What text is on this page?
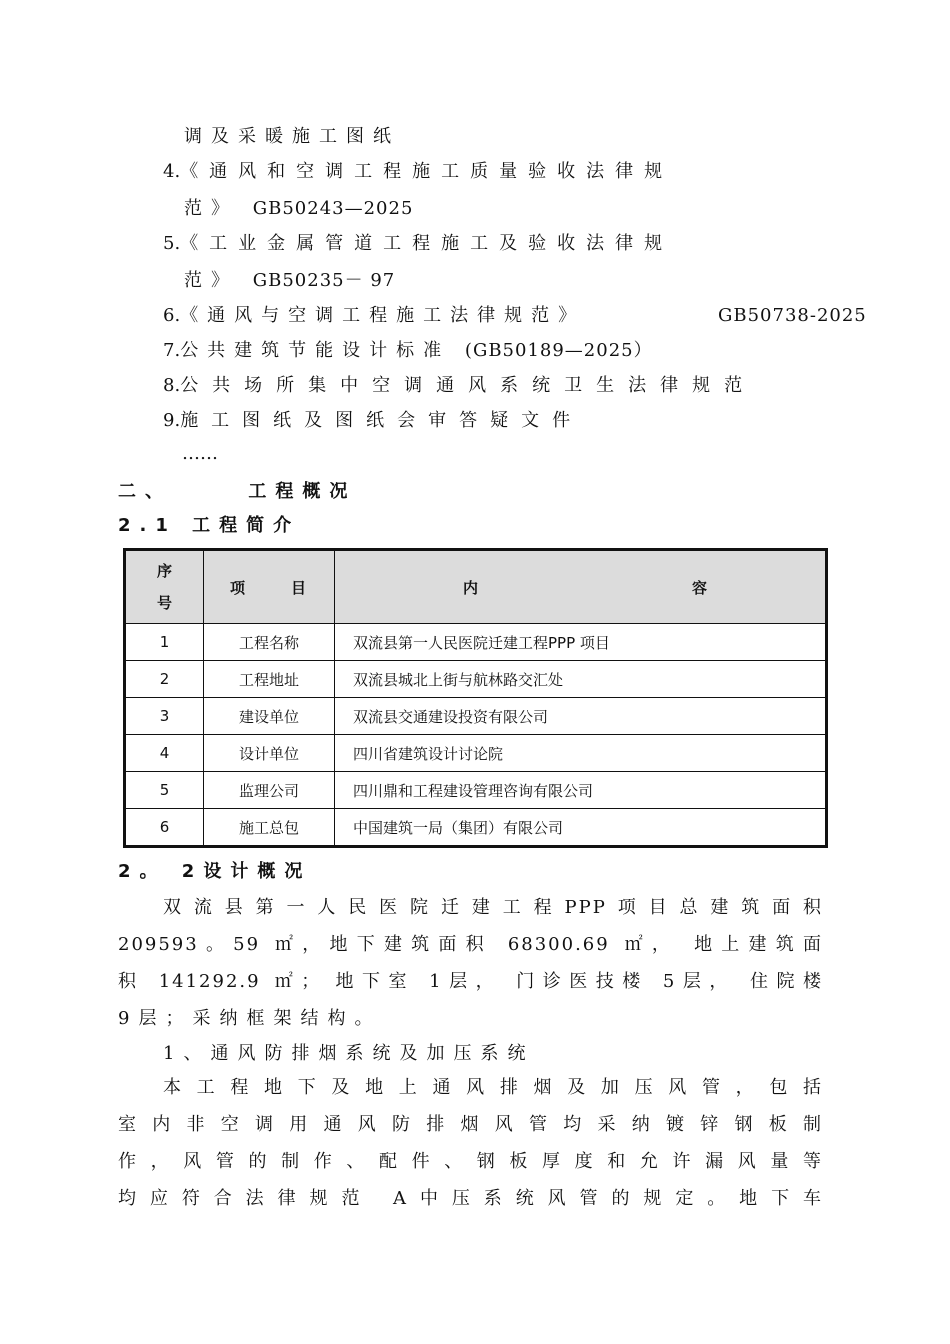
调及采暖施工图纸
4.《通风和空调工程施工质量验收法律规
范》 GB50243—2025
5.《工业金属管道工程施工及验收法律规
范》 GB50235－ 97
6.《通风与空调工程施工法律规范》	GB50738-2025
7.公共建筑节能设计标准 (GB50189—2025）
8.公共场所集中空调通风系统卫生法律规范
9.施工图纸及图纸会审答疑文件
……
二、     工程概况
2.1 工程简介
序
号	项 目	内 容

1	工程名称	双流县第一人民医院迁建工程PPP 项目
2	工程地址	双流县城北上街与航林路交汇处
3	建设单位	双流县交通建设投资有限公司
4	设计单位	四川省建筑设计讨论院
5	监理公司	四川鼎和工程建设管理咨询有限公司
6	施工总包	中国建筑一局（集团）有限公司
2。 2设计概况
双流县第一人民医院迁建工程PPP项目总建筑面积
209593。59 ㎡，地下建筑面积 68300.69 ㎡， 地上建筑面
积 141292.9 ㎡； 地下室 1层， 门诊医技楼 5层， 住院楼
9层；采纳框架结构。
1、通风防排烟系统及加压系统
本工程地下及地上通风排烟及加压风管，包括
室内非空调用通风防排烟风管均采纳镀锌钢板制
作，风管的制作、配件、钢板厚度和允许漏风量等
均应符合法律规范 A中压系统风管的规定。地下车
